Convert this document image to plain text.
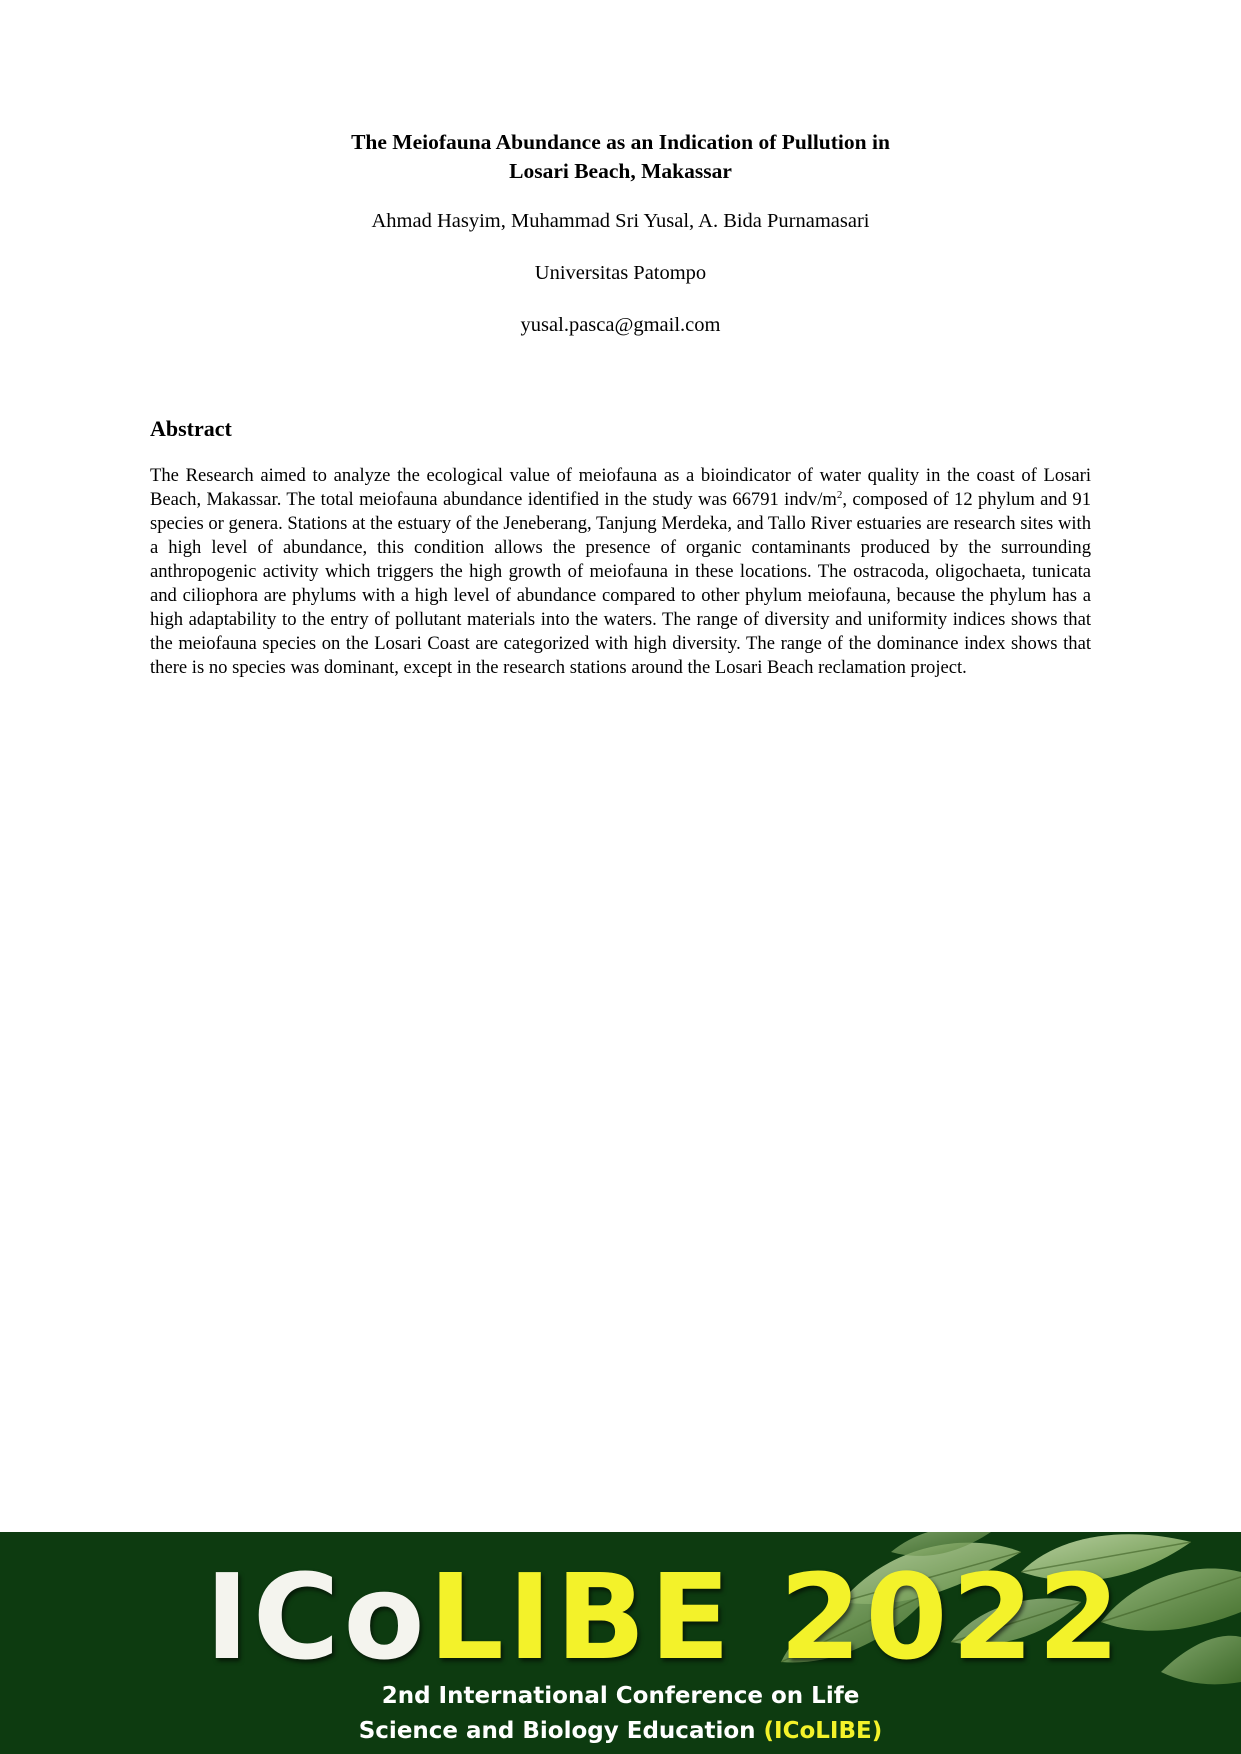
The Meiofauna Abundance as an Indication of Pullution in
Losari Beach, Makassar
Ahmad Hasyim, Muhammad Sri Yusal, A. Bida Purnamasari
Universitas Patompo
yusal.pasca@gmail.com
Abstract
The Research aimed to analyze the ecological value of meiofauna as a bioindicator of water quality in the coast of Losari Beach, Makassar. The total meiofauna abundance identified in the study was 66791 indv/$m^2$, composed of 12 phylum and 91 species or genera. Stations at the estuary of the Jeneberang, Tanjung Merdeka, and Tallo River estuaries are research sites with a high level of abundance, this condition allows the presence of organic contaminants produced by the surrounding anthropogenic activity which triggers the high growth of meiofauna in these locations. The ostracoda, oligochaeta, tunicata and ciliophora are phylums with a high level of abundance compared to other phylum meiofauna, because the phylum has a high adaptability to the entry of pollutant materials into the waters. The range of diversity and uniformity indices shows that the meiofauna species on the Losari Coast are categorized with high diversity. The range of the dominance index shows that there is no species was dominant, except in the research stations around the Losari Beach reclamation project.
ICoLIBE 2022
2nd International Conference on Life
Science and Biology Education (ICoLIBE)
